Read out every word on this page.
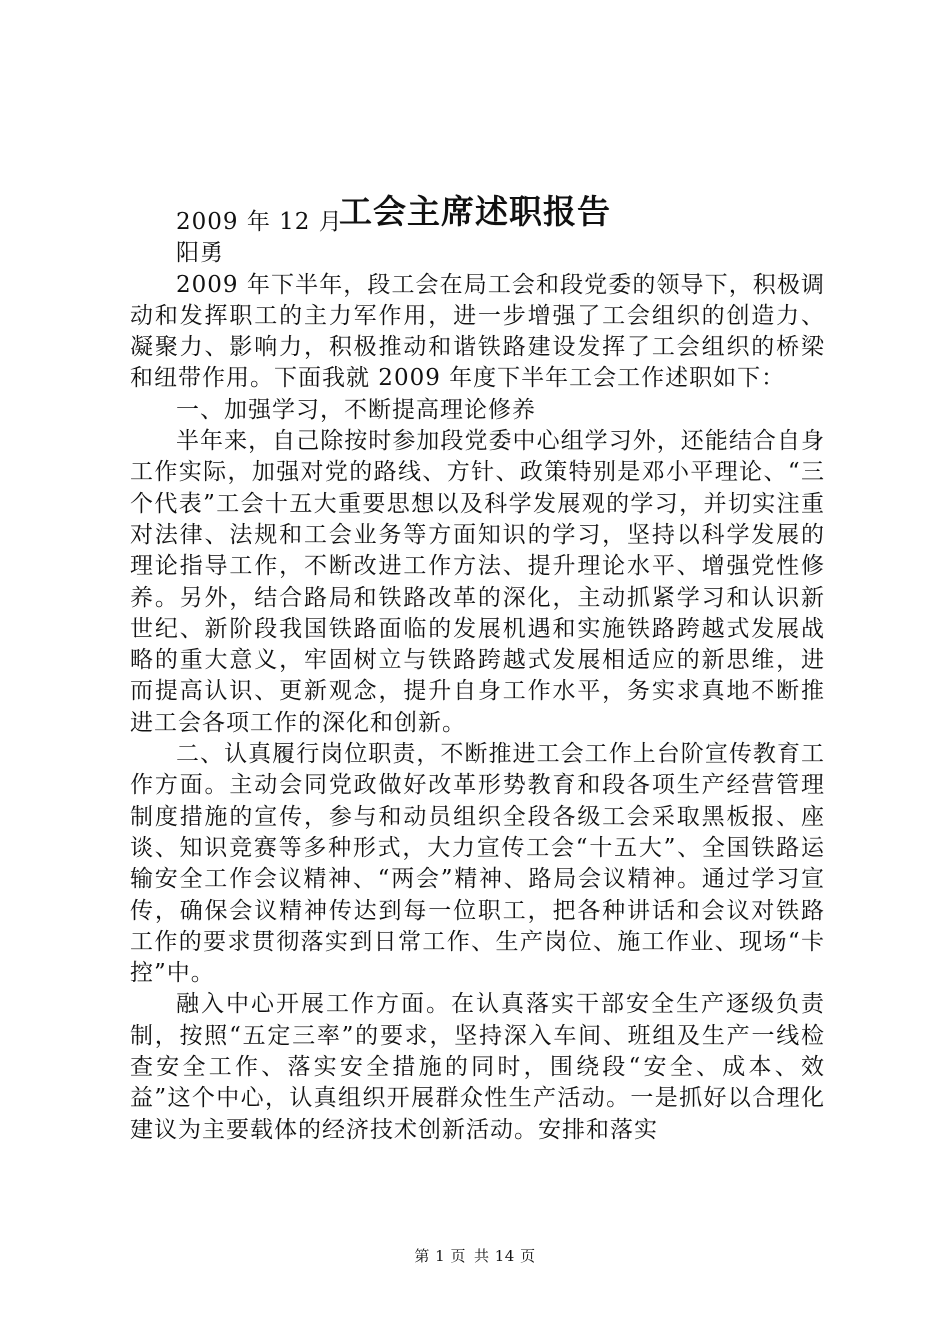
工会主席述职报告

2009 年 12 月

阳勇

2009 年下半年，段工会在局工会和段党委的领导下，积极调动和发挥职工的主力军作用，进一步增强了工会组织的创造力、凝聚力、影响力，积极推动和谐铁路建设发挥了工会组织的桥梁和纽带作用。下面我就 2009 年度下半年工会工作述职如下：

一、加强学习，不断提高理论修养

半年来，自己除按时参加段党委中心组学习外，还能结合自身工作实际，加强对党的路线、方针、政策特别是邓小平理论、“三个代表”工会十五大重要思想以及科学发展观的学习，并切实注重对法律、法规和工会业务等方面知识的学习，坚持以科学发展的理论指导工作，不断改进工作方法、提升理论水平、增强党性修养。另外，结合路局和铁路改革的深化，主动抓紧学习和认识新世纪、新阶段我国铁路面临的发展机遇和实施铁路跨越式发展战略的重大意义，牢固树立与铁路跨越式发展相适应的新思维，进而提高认识、更新观念，提升自身工作水平，务实求真地不断推进工会各项工作的深化和创新。

二、认真履行岗位职责，不断推进工会工作上台阶宣传教育工作方面。主动会同党政做好改革形势教育和段各项生产经营管理制度措施的宣传，参与和动员组织全段各级工会采取黑板报、座谈、知识竞赛等多种形式，大力宣传工会“十五大”、全国铁路运输安全工作会议精神、“两会”精神、路局会议精神。通过学习宣传，确保会议精神传达到每一位职工，把各种讲话和会议对铁路工作的要求贯彻落实到日常工作、生产岗位、施工作业、现场“卡控”中。

融入中心开展工作方面。在认真落实干部安全生产逐级负责制，按照“五定三率”的要求，坚持深入车间、班组及生产一线检查安全工作、落实安全措施的同时，围绕段“安全、成本、效益”这个中心，认真组织开展群众性生产活动。一是抓好以合理化建议为主要载体的经济技术创新活动。安排和落实

第 1 页 共 14 页
